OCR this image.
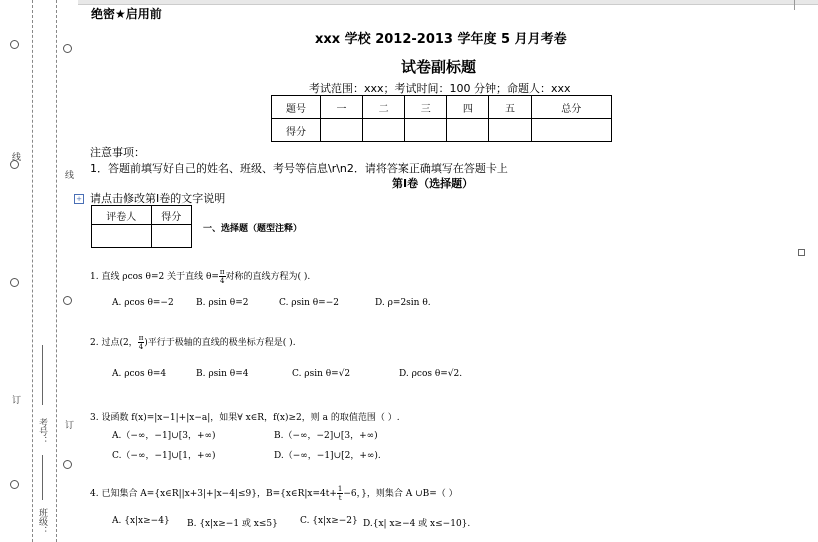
线
线
订
订
考号：
班级：
绝密★启用前
xxx 学校 2012-2013 学年度 5 月月考卷
试卷副标题
考试范围：xxx；考试时间：100 分钟；命题人：xxx
题号	一	二	三	四	五	总分
得分						
注意事项：
1．答题前填写好自己的姓名、班级、考号等信息\r\n2．请将答案正确填写在答题卡上
第Ⅰ卷（选择题）
+ 请点击修改第Ⅰ卷的文字说明
评卷人	得分

一、选择题（题型注释）
1. 直线 ρcos θ=2 关于直线 $\theta= \frac{\pi}{4}$ 对称的直线方程为( ).
A. ρcos θ=−2 B. ρsin θ=2	C. ρsin θ=−2	D. ρ=2sin θ.
2. 过点(2， $\frac{\pi}{4}$ )平行于极轴的直线的极坐标方程是( ).
A. ρcos θ=4	B. ρsin θ=4	C. ρsin θ=√2	D. ρcos θ=√2.
3. 设函数 f(x)=|x−1|+|x−a|，如果∀ x∈R，f(x)≥2，则 a 的取值范围（ ）.
A.（−∞，−1]∪[3，+∞)	B.（−∞，−2]∪[3，+∞)
C.（−∞，−1]∪[1，+∞)	D.（−∞，−1]∪[2，+∞).
4. 已知集合 A={x∈R||x+3|+|x−4|≤9}，B={x∈R|x=4t+ $\frac{1}{t} -6$，}，则集合 A ∪B=（ ）
A. {x|x≥−4} B. {x|x≥−1 或 x≤5} C. {x|x≥−2} D.{x| x≥−4 或 x≤−10}.
